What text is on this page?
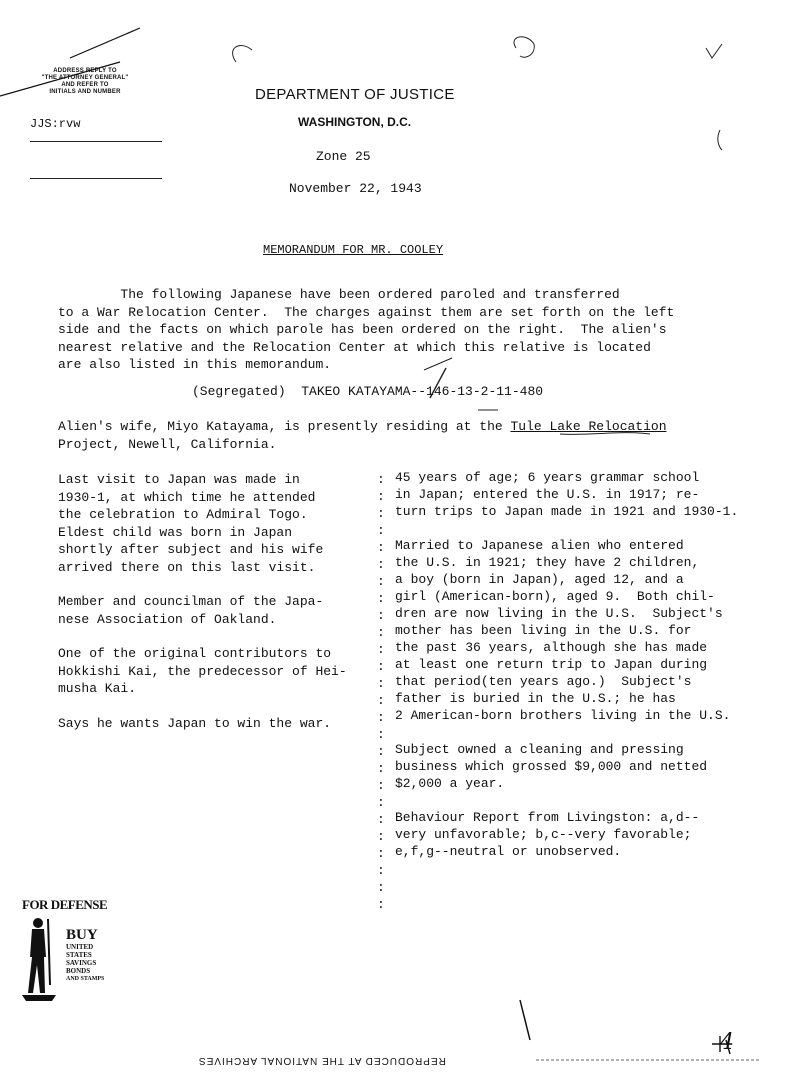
ADDRESS REPLY TO
"THE ATTORNEY GENERAL"
AND REFER TO
INITIALS AND NUMBER
JJS:rvw
DEPARTMENT OF JUSTICE
WASHINGTON, D.C.
Zone 25
November 22, 1943
MEMORANDUM FOR MR. COOLEY
The following Japanese have been ordered paroled and transferred
to a War Relocation Center.  The charges against them are set forth on the left
side and the facts on which parole has been ordered on the right.  The alien's
nearest relative and the Relocation Center at which this relative is located
are also listed in this memorandum.
(Segregated)  TAKEO KATAYAMA--146-13-2-11-480
Alien's wife, Miyo Katayama, is presently residing at the Tule Lake Relocation
Project, Newell, California.
Last visit to Japan was made in
1930-1, at which time he attended
the celebration to Admiral Togo.
Eldest child was born in Japan
shortly after subject and his wife
arrived there on this last visit.
Member and councilman of the Japa-
nese Association of Oakland.
One of the original contributors to
Hokkishi Kai, the predecessor of Hei-
musha Kai.
Says he wants Japan to win the war.
:
:
:
:
:
:
:
:
:
:
:
:
:
:
:
:
:
:
:
:
:
:
:
:
:
:
45 years of age; 6 years grammar school
in Japan; entered the U.S. in 1917; re-
turn trips to Japan made in 1921 and 1930-1.
Married to Japanese alien who entered
the U.S. in 1921; they have 2 children,
a boy (born in Japan), aged 12, and a
girl (American-born), aged 9.  Both chil-
dren are now living in the U.S.  Subject's
mother has been living in the U.S. for
the past 36 years, although she has made
at least one return trip to Japan during
that period(ten years ago.)  Subject's
father is buried in the U.S.; he has
2 American-born brothers living in the U.S.
Subject owned a cleaning and pressing
business which grossed $9,000 and netted
$2,000 a year.
Behaviour Report from Livingston: a,d--
very unfavorable; b,c--very favorable;
e,f,g--neutral or unobserved.
FOR DEFENSE
BUY
UNITED
STATES
SAVINGS
BONDS
AND STAMPS
REPRODUCED AT THE NATIONAL ARCHIVES
4
